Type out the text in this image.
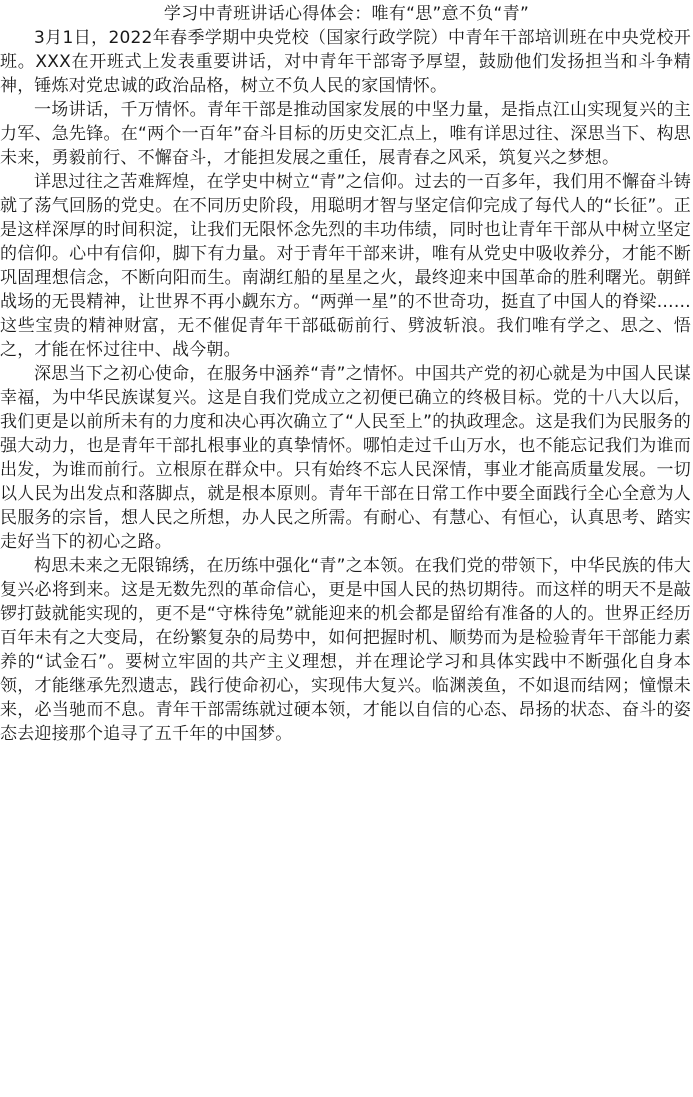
学习中青班讲话心得体会：唯有“思”意不负“青”

3月1日，2022年春季学期中央党校（国家行政学院）中青年干部培训班在中央党校开班。XXX在开班式上发表重要讲话，对中青年干部寄予厚望，鼓励他们发扬担当和斗争精神，锤炼对党忠诚的政治品格，树立不负人民的家国情怀。

一场讲话，千万情怀。青年干部是推动国家发展的中坚力量，是指点江山实现复兴的主力军、急先锋。在“两个一百年”奋斗目标的历史交汇点上，唯有详思过往、深思当下、构思未来，勇毅前行、不懈奋斗，才能担发展之重任，展青春之风采，筑复兴之梦想。

详思过往之苦难辉煌，在学史中树立“青”之信仰。过去的一百多年，我们用不懈奋斗铸就了荡气回肠的党史。在不同历史阶段，用聪明才智与坚定信仰完成了每代人的“长征”。正是这样深厚的时间积淀，让我们无限怀念先烈的丰功伟绩，同时也让青年干部从中树立坚定的信仰。心中有信仰，脚下有力量。对于青年干部来讲，唯有从党史中吸收养分，才能不断巩固理想信念，不断向阳而生。南湖红船的星星之火，最终迎来中国革命的胜利曙光。朝鲜战场的无畏精神，让世界不再小觑东方。“两弹一星”的不世奇功，挺直了中国人的脊梁……这些宝贵的精神财富，无不催促青年干部砥砺前行、劈波斩浪。我们唯有学之、思之、悟之，才能在怀过往中、战今朝。

深思当下之初心使命，在服务中涵养“青”之情怀。中国共产党的初心就是为中国人民谋幸福，为中华民族谋复兴。这是自我们党成立之初便已确立的终极目标。党的十八大以后，我们更是以前所未有的力度和决心再次确立了“人民至上”的执政理念。这是我们为民服务的强大动力，也是青年干部扎根事业的真挚情怀。哪怕走过千山万水，也不能忘记我们为谁而出发，为谁而前行。立根原在群众中。只有始终不忘人民深情，事业才能高质量发展。一切以人民为出发点和落脚点，就是根本原则。青年干部在日常工作中要全面践行全心全意为人民服务的宗旨，想人民之所想，办人民之所需。有耐心、有慧心、有恒心，认真思考、踏实走好当下的初心之路。

构思未来之无限锦绣，在历练中强化“青”之本领。在我们党的带领下，中华民族的伟大复兴必将到来。这是无数先烈的革命信心，更是中国人民的热切期待。而这样的明天不是敲锣打鼓就能实现的，更不是“守株待兔”就能迎来的机会都是留给有准备的人的。世界正经历百年未有之大变局，在纷繁复杂的局势中，如何把握时机、顺势而为是检验青年干部能力素养的“试金石”。要树立牢固的共产主义理想，并在理论学习和具体实践中不断强化自身本领，才能继承先烈遗志，践行使命初心，实现伟大复兴。临渊羡鱼，不如退而结网；憧憬未来，必当驰而不息。青年干部需练就过硬本领，才能以自信的心态、昂扬的状态、奋斗的姿态去迎接那个追寻了五千年的中国梦。
